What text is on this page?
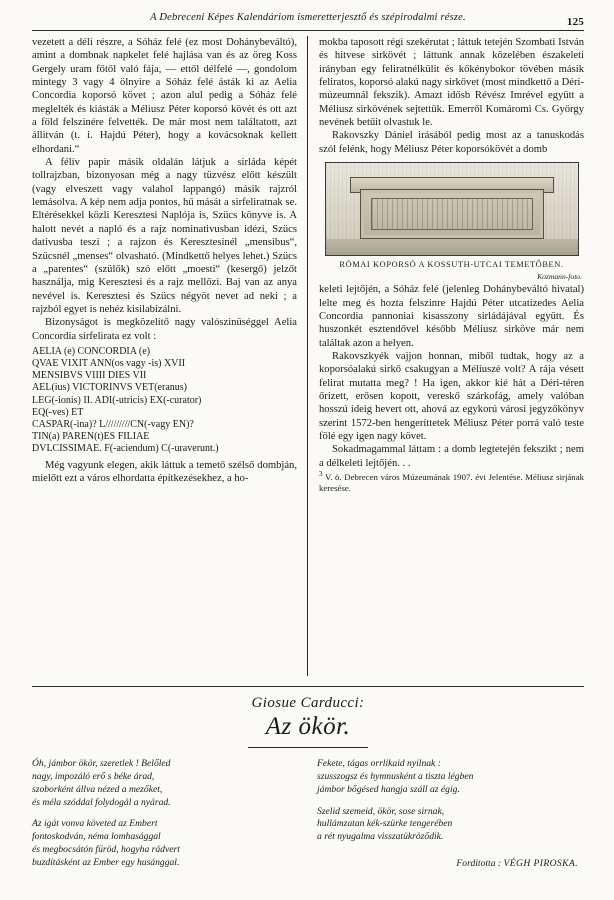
A Debreceni Képes Kalendáriom ismeretterjesztő és szépirodalmi része.	125

vezetett a déli részre, a Sóház felé (ez most Dohánybeváltó), amint a dombnak napkelet felé hajlása van és az öreg Koss Gergely uram főtől való fája, — ettől délfelé —, gondolom mintegy 3 vagy 4 ölnyire a Sóház felé ásták ki az Aelia Concordia koporsó követ ; azon alul pedig a Sóház felé meglelték és kiásták a Méliusz Péter koporsó kövét és ott azt a föld felszinére felvették. De már most nem találtatott, azt állitván (t. i. Hajdú Péter), hogy a kovácsoknak kellett elhordani.“

A félív papir másik oldalán látjuk a sirláda képét tollrajzban, bizonyosan még a nagy tüzvész előtt készült (vagy elveszett vagy valahol lappangó) másik rajzról lemásolva. A kép nem adja pontos, hű mását a sirfeliratnak se. Eltérésekkel közli Keresztesi Naplója is, Szücs könyve is. A halott nevét a napló és a rajz nominativusban idézi, Szücs dativusba teszi ; a rajzon és Keresztesinél „mensibus“, Szücsnél „menses“ olvasható. (Mindkettő helyes lehet.) Szücs a „parentes“ (szülők) szó előtt „moesti“ (kesergő) jelzőt használja, mig Keresztesi és a rajz mellőzi. Baj van az anya nevével is. Keresztesi és Szücs négyöt nevet ad neki ; a rajzból egyet is nehéz kisilabizálni.

Bizonyságot is megközelítő nagy valószinüséggel Aelia Concordia sírfelirata ez volt :

AELIA (e) CONCORDIA (e)
QVAE VIXIT ANN(os vagy -is) XVII
MENSIBVS VIIII DIES VII
AEL(ius) VICTORINVS VET(eranus)
LEG(-ionis) II. ADI(-utricis) EX(-curator)
EQ(-ves) ET
CASPAR(-ina)? L/////////CN(-vagy EN)?
TIN(a) PAREN(t)ES FILIAE
DVLCISSIMAE. F(-aciendum) C(-uraverunt.)

Még vagyunk elegen, akik láttuk a temető szélső dombján, mielőtt ezt a város elhordatta építkezésekhez, a ho-

mokba taposott régi szekérutat ; láttuk tetején Szombati István és hitvese sirkövét ; láttunk annak közelében északeleti irányban egy feliratnélkülit és kőkénybokor tövében másik feliratos, koporsó alakú nagy sirkövet (most mindkettő a Déri-múzeumnál fekszik). Amazt idősb Révész Imrével együtt a Méliusz sirkövének sejtettük. Emerről Komáromi Cs. György nevének betűit olvastuk le.

Rakovszky Dániel irásából pedig most az a tanuskodás szól felénk, hogy Méliusz Péter koporsókövét a domb

RÓMAI KOPORSÓ A KOSSUTH-UTCAI TEMETŐBEN.
Kozmann-foto.

keleti lejtőjén, a Sóház felé (jelenleg Dohánybeváltó hivatal) lelte meg és hozta felszinre Hajdú Péter utcatizedes Aelia Concordia pannoniai kisasszony sirládájával együtt. És huszonkét esztendővel később Méliusz sirköve már nem találtak azon a helyen.

Rakovszkyék vajjon honnan, miből tudtak, hogy az a koporsóalakú sirkő csakugyan a Méliuszé volt? A rája vésett felirat mutatta meg? ! Ha igen, akkor kié hát a Déri-téren őrizett, erősen kopott, vereskő szárkofág, amely valóban hosszú ideig hevert ott, ahová az egykorú városi jegyzőkönyv szerint 1572-ben hengeríttetek Méliusz Péter porrá való teste fölé egy igen nagy követ.

Sokadmagammal láttam : a domb legtetején fekszikt ; nem a délkeleti lejtőjén. . .

$^3$ V. ö. Debrecen város Múzeumának 1907. évi Jelentése. Méliusz sirjának keresése.
Giosue Carducci:
Az ökör.
Óh, jámbor ökör, szeretlek ! Belőled
nagy, impozáló erő s béke árad,
szoborként állva nézed a mezőket,
és méla szóddal folydogál a nyárad.
Az igát vonva követed az Embert
fontoskodván, néma lomhasággal
és megbocsátón füröd, hogyha rádvert
buzdításként az Ember egy husánggal.
Fekete, tágas orrlikaid nyilnak :
szusszogsz és hymnusként a tiszta légben
jámbor bőgésed hangja száll az égig.
Szelid szemeid, ökör, sose sirnak,
hullámzatan kék-szürke tengerében
a rét nyugalma visszatükröződik.
Forditotta : VÉGH PIROSKA.
